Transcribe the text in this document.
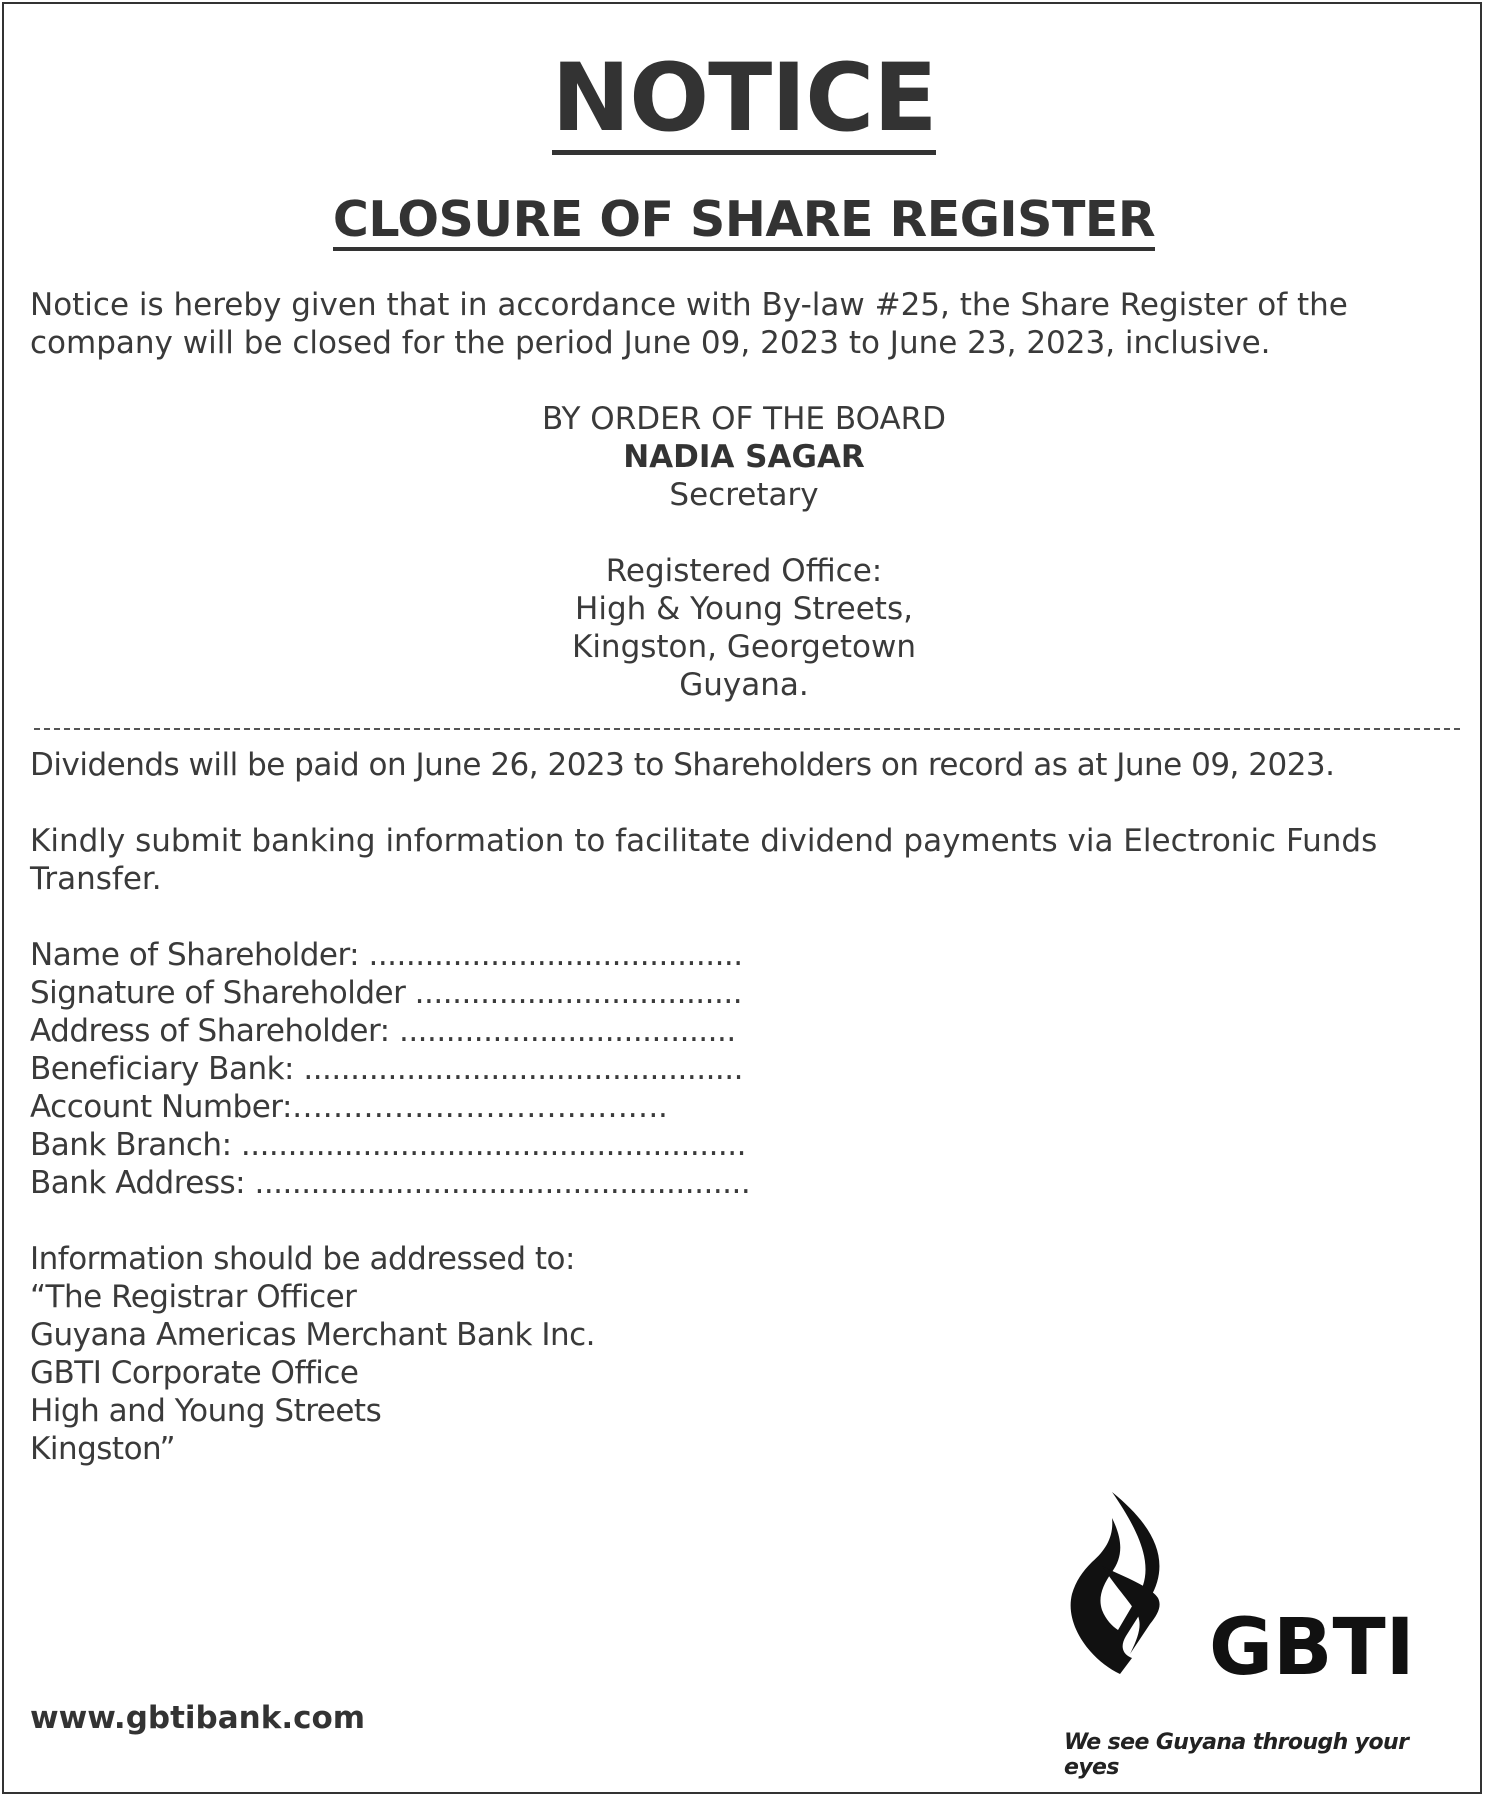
NOTICE
CLOSURE OF SHARE REGISTER
Notice is hereby given that in accordance with By-law #25, the Share Register of the
company will be closed for the period June 09, 2023 to June 23, 2023, inclusive.
BY ORDER OF THE BOARD
NADIA SAGAR
Secretary
Registered Office:
High & Young Streets,
Kingston, Georgetown
Guyana.
Dividends will be paid on June 26, 2023 to Shareholders on record as at June 09, 2023.
Kindly submit banking information to facilitate dividend payments via Electronic Funds
Transfer.
Name of Shareholder: ........................................
Signature of Shareholder ...................................
Address of Shareholder: ....................................
Beneficiary Bank: ...............................................
Account Number:……………………………….
Bank Branch: ......................................................
Bank Address: .....................................................
Information should be addressed to:
“The Registrar Officer
Guyana Americas Merchant Bank Inc.
GBTI Corporate Office
High and Young Streets
Kingston”
www.gbtibank.com
GBTI
We see Guyana through your eyes
